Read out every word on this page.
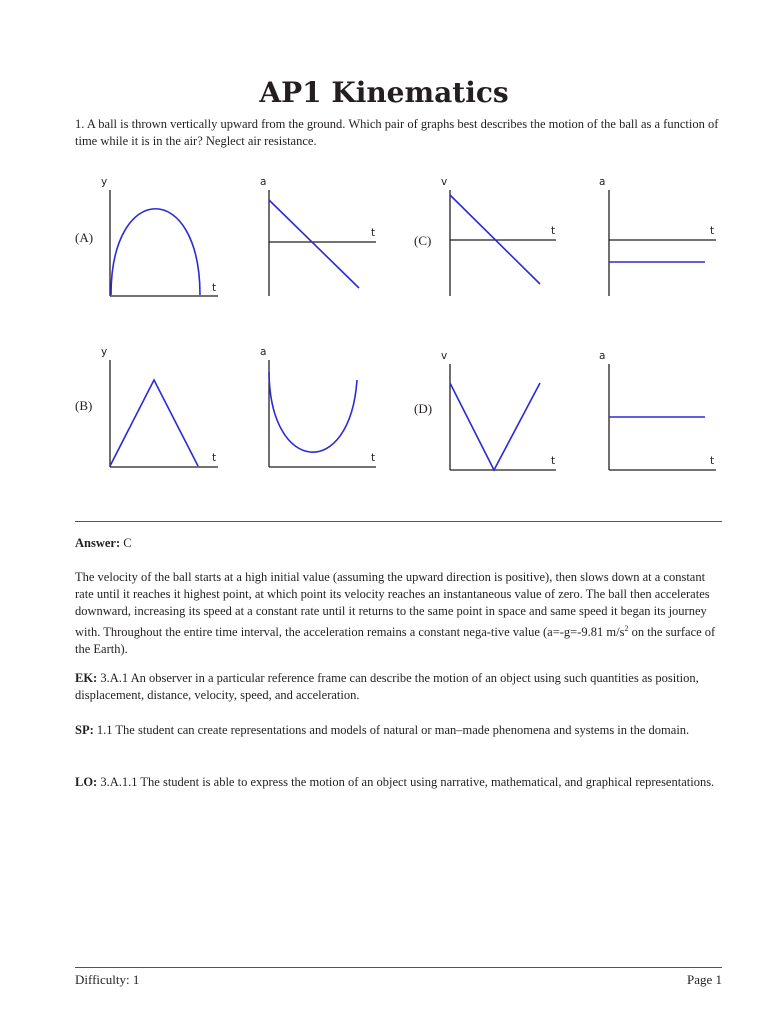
AP1 Kinematics
1. A ball is thrown vertically upward from the ground. Which pair of graphs best describes the motion of the ball as a function of time while it is in the air? Neglect air resistance.
(A)
(B)
(C)
(D)
y
t
a
t
v
t
a
t
y
t
a
t
v
t
a
t
Answer: C
The velocity of the ball starts at a high initial value (assuming the upward direction is positive), then slows down at a constant rate until it reaches it highest point, at which point its velocity reaches an instantaneous value of zero. The ball then accelerates downward, increasing its speed at a constant rate until it returns to the same point in space and same speed it began its journey with. Throughout the entire time interval, the acceleration remains a constant nega-tive value (a=-g=-9.81 $m/s^2$ on the surface of the Earth).
EK: 3.A.1 An observer in a particular reference frame can describe the motion of an object using such quantities as position, displacement, distance, velocity, speed, and acceleration.
SP: 1.1 The student can create representations and models of natural or man–made phenomena and systems in the domain.
LO: 3.A.1.1 The student is able to express the motion of an object using narrative, mathematical, and graphical representations.
Difficulty: 1	Page 1
